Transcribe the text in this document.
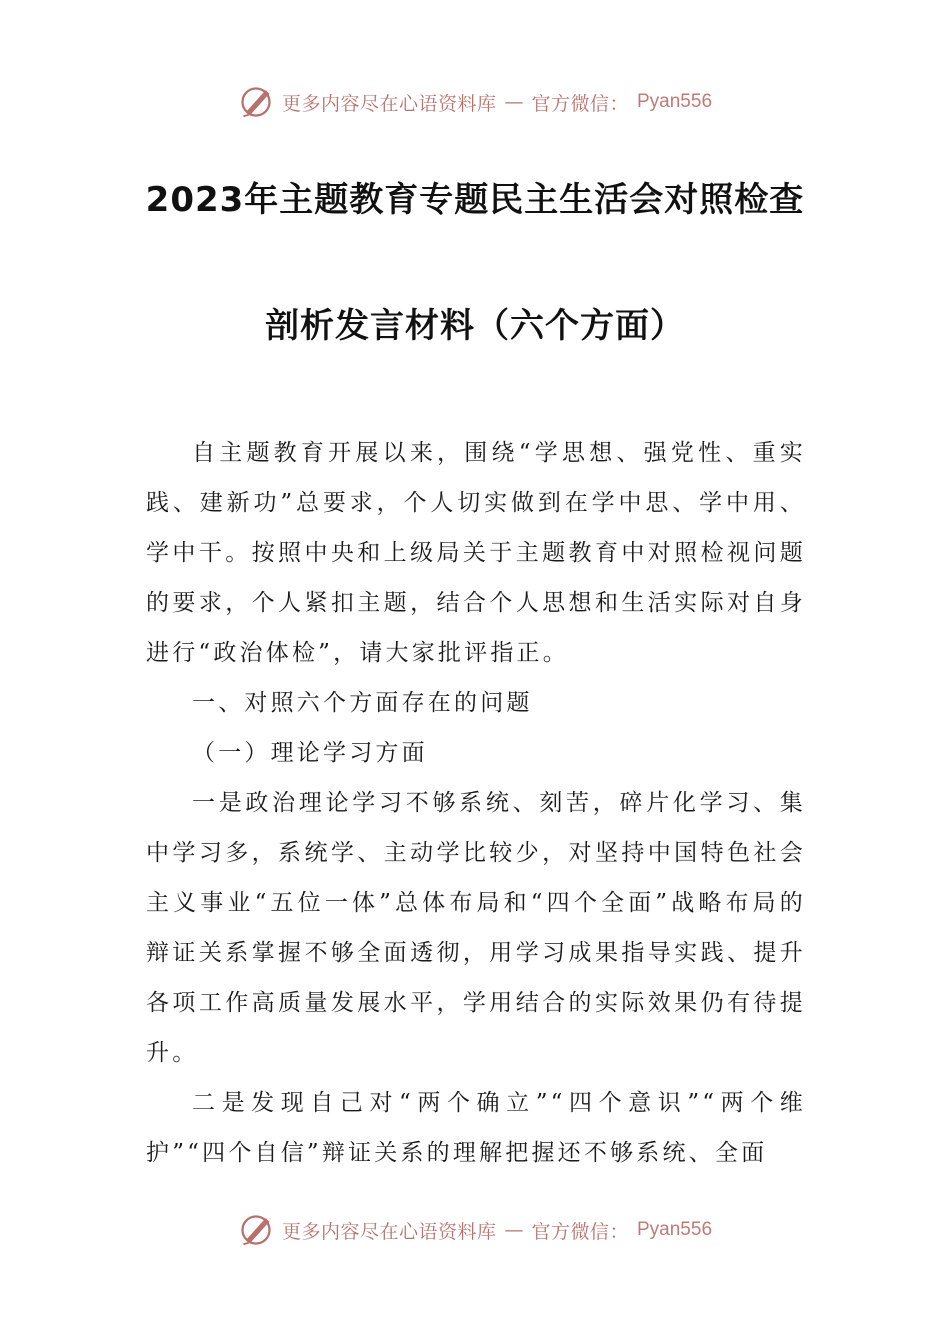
更多内容尽在心语资料库 — 官方微信： Pyan556
2023年主题教育专题民主生活会对照检查
剖析发言材料（六个方面）

自主题教育开展以来，围绕“学思想、强党性、重实践、建新功”总要求，个人切实做到在学中思、学中用、学中干。按照中央和上级局关于主题教育中对照检视问题的要求，个人紧扣主题，结合个人思想和生活实际对自身进行“政治体检”，请大家批评指正。

一、对照六个方面存在的问题

（一）理论学习方面

一是政治理论学习不够系统、刻苦，碎片化学习、集中学习多，系统学、主动学比较少，对坚持中国特色社会主义事业“五位一体”总体布局和“四个全面”战略布局的辩证关系掌握不够全面透彻，用学习成果指导实践、提升各项工作高质量发展水平，学用结合的实际效果仍有待提升。

二是发现自己对“两个确立”“四个意识”“两个维护”“四个自信”辩证关系的理解把握还不够系统、全面

更多内容尽在心语资料库 — 官方微信： Pyan556
